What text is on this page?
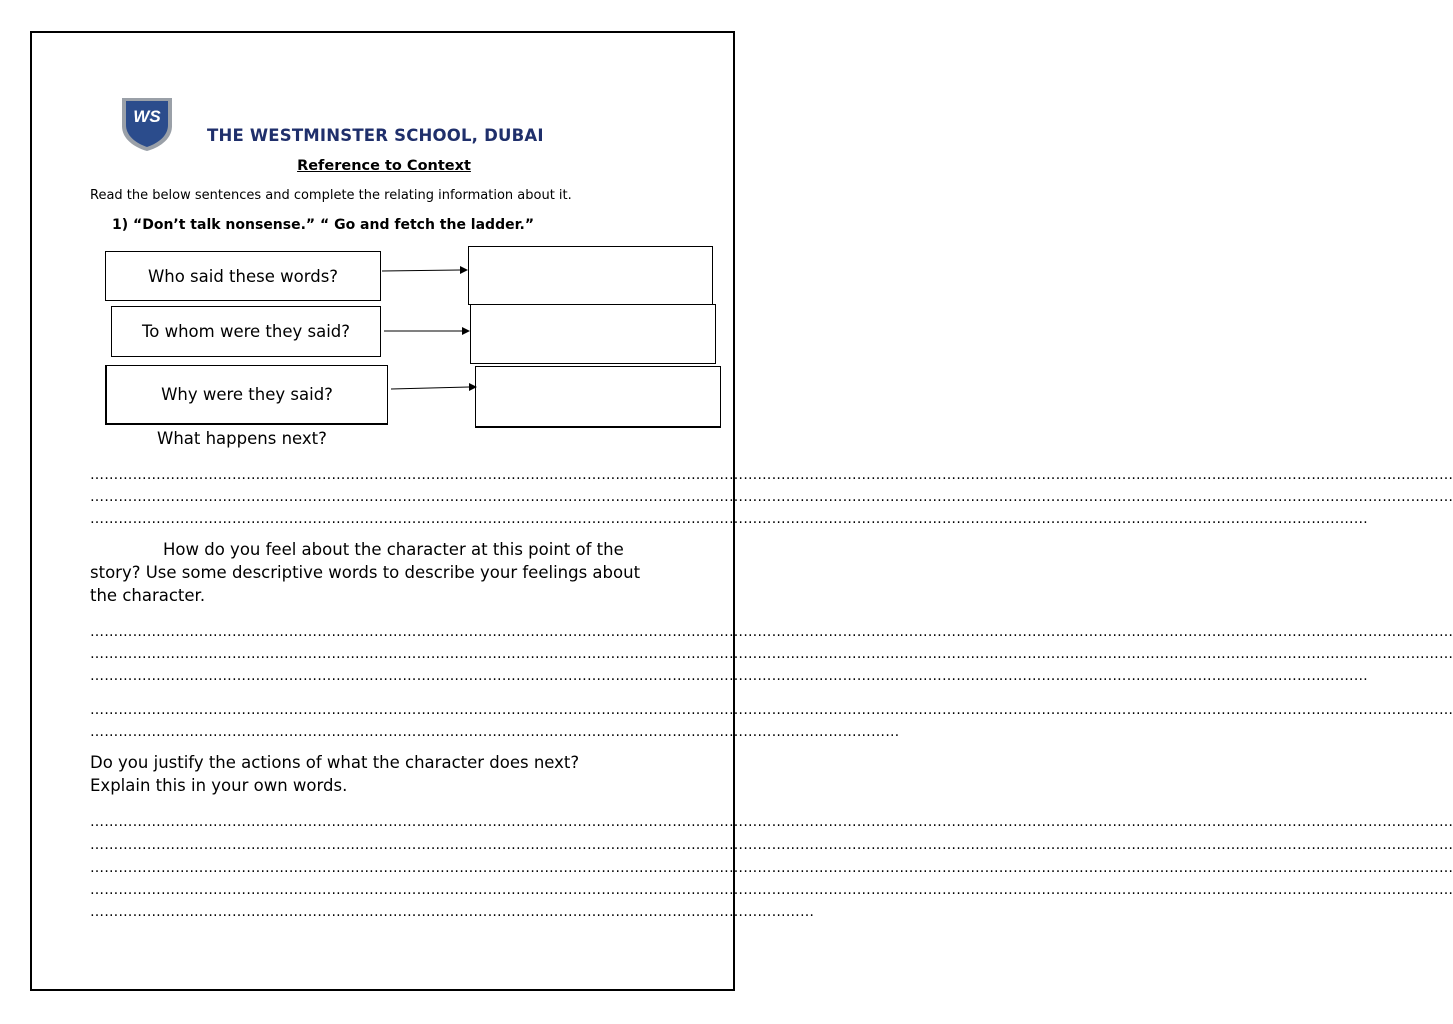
WS
THE WESTMINSTER SCHOOL, DUBAI
Reference to Context
Read the below sentences and complete the relating information about it.
1) “Don’t talk nonsense.” “ Go and fetch the ladder.”
Who said these words?
To whom were they said?
Why were they said?
What happens next?
………………………………………………………………………………………………………………………………………………………………………………………………………………………………………………………………
………………………………………………………………………………………………………………………………………………………………………………………………………………………………………………………………
………………………………………………………………………………………………………………………………………………………………………………………………………………………………………………
How do you feel about the character at this point of the
story? Use some descriptive words to describe your feelings about
the character.
………………………………………………………………………………………………………………………………………………………………………………………………………………………………………………………………
………………………………………………………………………………………………………………………………………………………………………………………………………………………………………………………………
………………………………………………………………………………………………………………………………………………………………………………………………………………………………………………
………………………………………………………………………………………………………………………………………………………………………………………………………………………………………………………………
………………………………………………………………………………………………………………………………………………………
Do you justify the actions of what the character does next?
Explain this in your own words.
………………………………………………………………………………………………………………………………………………………………………………………………………………………………………………………………
………………………………………………………………………………………………………………………………………………………………………………………………………………………………………………………………
………………………………………………………………………………………………………………………………………………………………………………………………………………………………………………………………
………………………………………………………………………………………………………………………………………………………………………………………………………………………………………………………………
………………………………………………………………………………………………………………………………………
